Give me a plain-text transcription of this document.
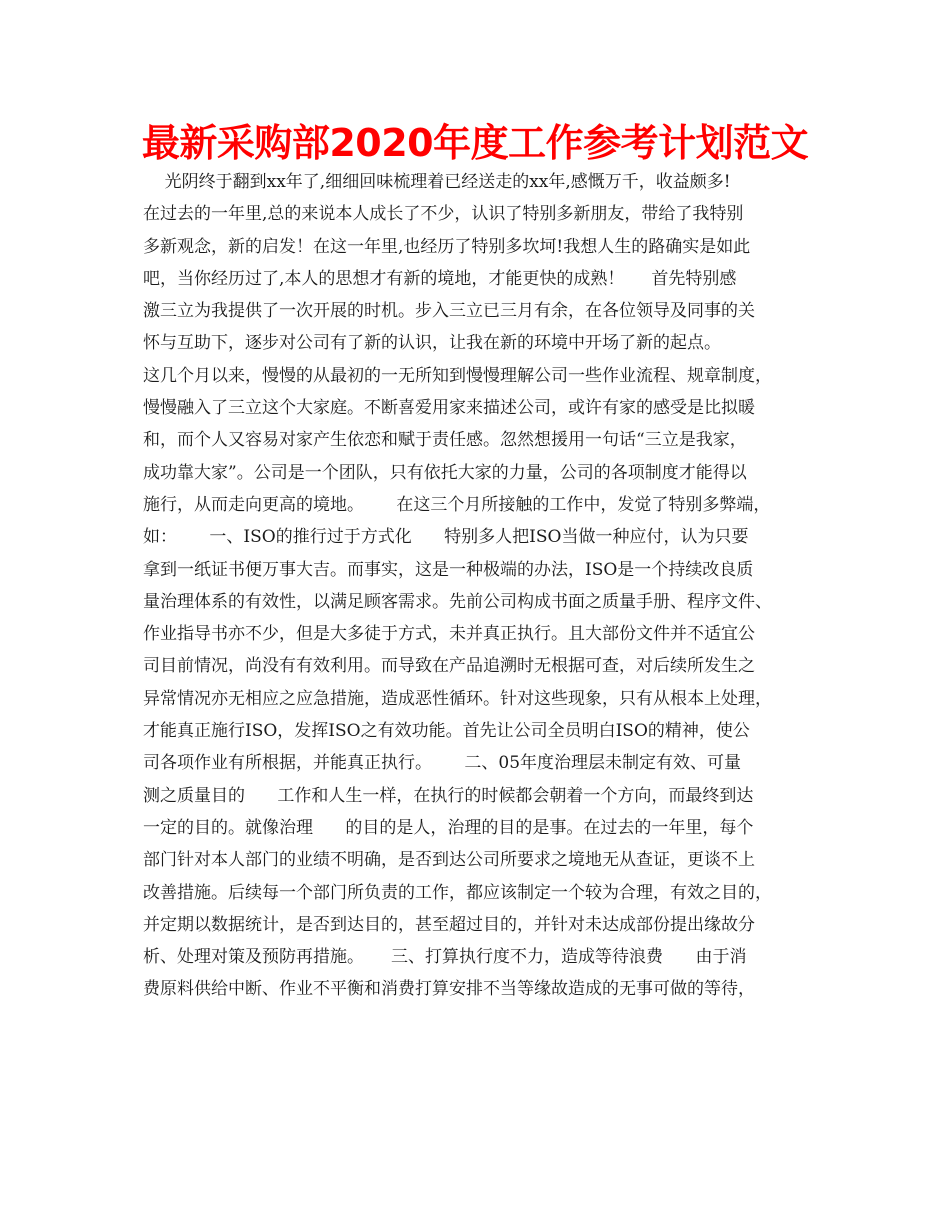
最新采购部2020年度工作参考计划范文
光阴终于翻到xx年了,细细回味梳理着已经送走的xx年,感慨万千，收益颇多!
在过去的一年里,总的来说本人成长了不少，认识了特别多新朋友，带给了我特别
多新观念，新的启发！在这一年里,也经历了特别多坎坷!我想人生的路确实是如此
吧，当你经历过了,本人的思想才有新的境地，才能更快的成熟！     首先特别感
激三立为我提供了一次开展的时机。步入三立已三月有余，在各位领导及同事的关
怀与互助下，逐步对公司有了新的认识，让我在新的环境中开场了新的起点。
这几个月以来，慢慢的从最初的一无所知到慢慢理解公司一些作业流程、规章制度，
慢慢融入了三立这个大家庭。不断喜爱用家来描述公司，或许有家的感受是比拟暖
和，而个人又容易对家产生依恋和赋于责任感。忽然想援用一句话“三立是我家，
成功靠大家”。公司是一个团队，只有依托大家的力量，公司的各项制度才能得以
施行，从而走向更高的境地。      在这三个月所接触的工作中，发觉了特别多弊端，
如：      一、ISO的推行过于方式化      特别多人把ISO当做一种应付，认为只要
拿到一纸证书便万事大吉。而事实，这是一种极端的办法，ISO是一个持续改良质
量治理体系的有效性，以满足顾客需求。先前公司构成书面之质量手册、程序文件、
作业指导书亦不少，但是大多徒于方式，未并真正执行。且大部份文件并不适宜公
司目前情况，尚没有有效利用。而导致在产品追溯时无根据可查，对后续所发生之
异常情况亦无相应之应急措施，造成恶性循环。针对这些现象，只有从根本上处理，
才能真正施行ISO，发挥ISO之有效功能。首先让公司全员明白ISO的精神，使公
司各项作业有所根据，并能真正执行。      二、05年度治理层未制定有效、可量
测之质量目的      工作和人生一样，在执行的时候都会朝着一个方向，而最终到达
一定的目的。就像治理      的目的是人，治理的目的是事。在过去的一年里，每个
部门针对本人部门的业绩不明确，是否到达公司所要求之境地无从查证，更谈不上
改善措施。后续每一个部门所负责的工作，都应该制定一个较为合理，有效之目的，
并定期以数据统计，是否到达目的，甚至超过目的，并针对未达成部份提出缘故分
析、处理对策及预防再措施。     三、打算执行度不力，造成等待浪费      由于消
费原料供给中断、作业不平衡和消费打算安排不当等缘故造成的无事可做的等待，
